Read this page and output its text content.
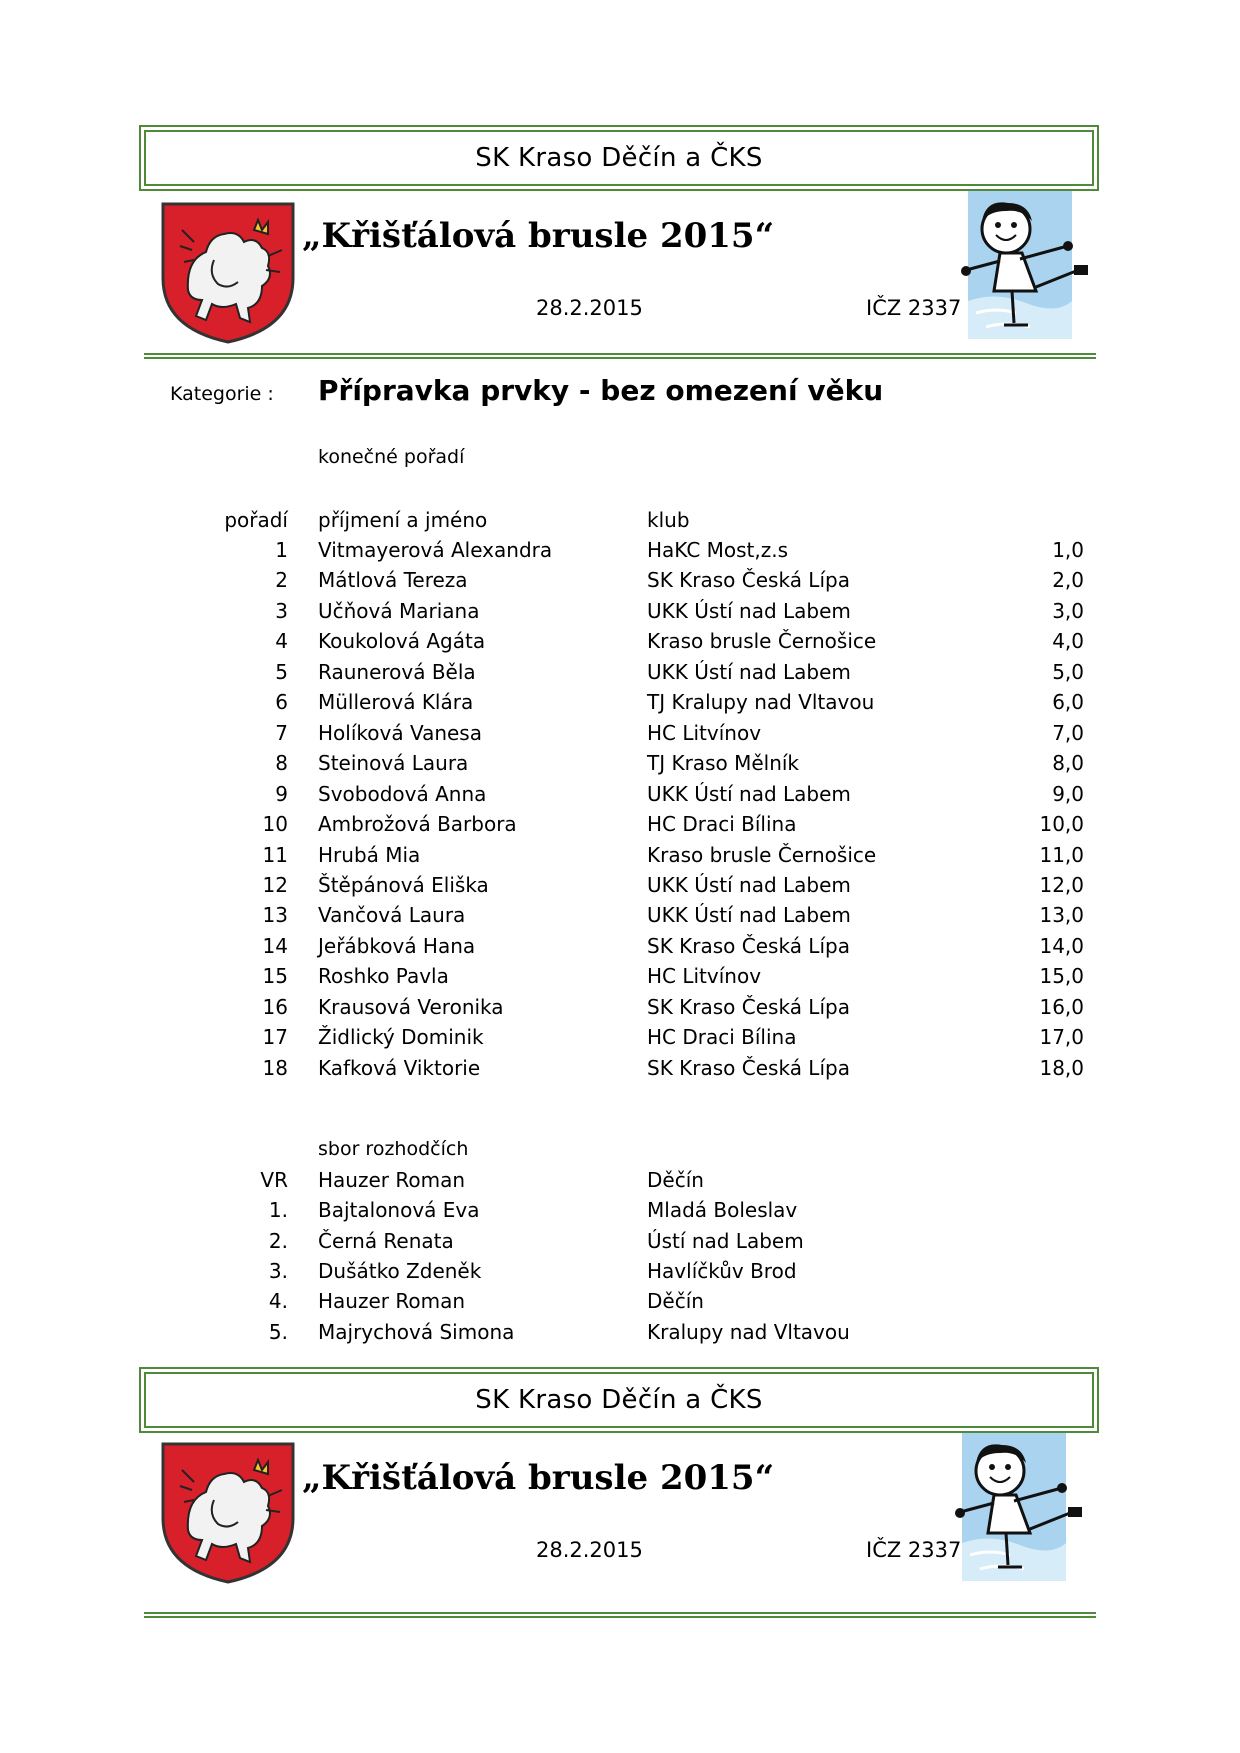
SK Kraso Děčín a ČKS
„Křišťálová brusle 2015“
28.2.2015	IČZ 2337
Kategorie : Přípravka prvky - bez omezení věku
konečné pořadí
pořadí příjmení a jméno	klub
1 Vitmayerová Alexandra	HaKC Most,z.s	1,0
2 Mátlová Tereza	SK Kraso Česká Lípa	2,0
3 Učňová Mariana	UKK Ústí nad Labem	3,0
4 Koukolová Agáta	Kraso brusle Černošice	4,0
5 Raunerová Běla	UKK Ústí nad Labem	5,0
6 Müllerová Klára	TJ Kralupy nad Vltavou	6,0
7 Holíková Vanesa	HC Litvínov	7,0
8 Steinová Laura	TJ Kraso Mělník	8,0
9 Svobodová Anna	UKK Ústí nad Labem	9,0
10 Ambrožová Barbora	HC Draci Bílina	10,0
11 Hrubá Mia	Kraso brusle Černošice	11,0
12 Štěpánová Eliška	UKK Ústí nad Labem	12,0
13 Vančová Laura	UKK Ústí nad Labem	13,0
14 Jeřábková Hana	SK Kraso Česká Lípa	14,0
15 Roshko Pavla	HC Litvínov	15,0
16 Krausová Veronika	SK Kraso Česká Lípa	16,0
17 Židlický Dominik	HC Draci Bílina	17,0
18 Kafková Viktorie	SK Kraso Česká Lípa	18,0
sbor rozhodčích
VR Hauzer Roman	Děčín
1. Bajtalonová Eva	Mladá Boleslav
2. Černá Renata	Ústí nad Labem
3. Dušátko Zdeněk	Havlíčkův Brod
4. Hauzer Roman	Děčín
5. Majrychová Simona	Kralupy nad Vltavou
SK Kraso Děčín a ČKS
„Křišťálová brusle 2015“
28.2.2015	IČZ 2337
